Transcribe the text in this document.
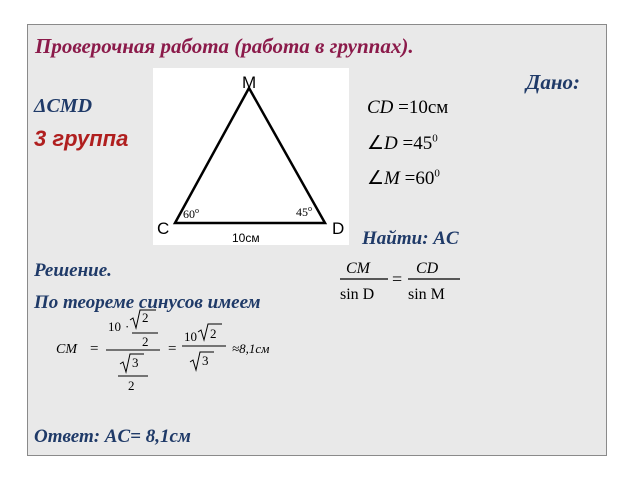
Проверочная работа (работа в группах).
Дано:
ΔCMD
3 группа
M
C	D
60$^o$	45$^o$
10см
CD =10см
∠D $=45^0$
∠M $=60^0$
Найти: AC
Решение.
По теореме синусов имеем
CM
sin D
=
CD
sin M
CM =
10 ·
2
2
3
2
=
10 2
3
≈8,1см
Ответ: AC= 8,1см
